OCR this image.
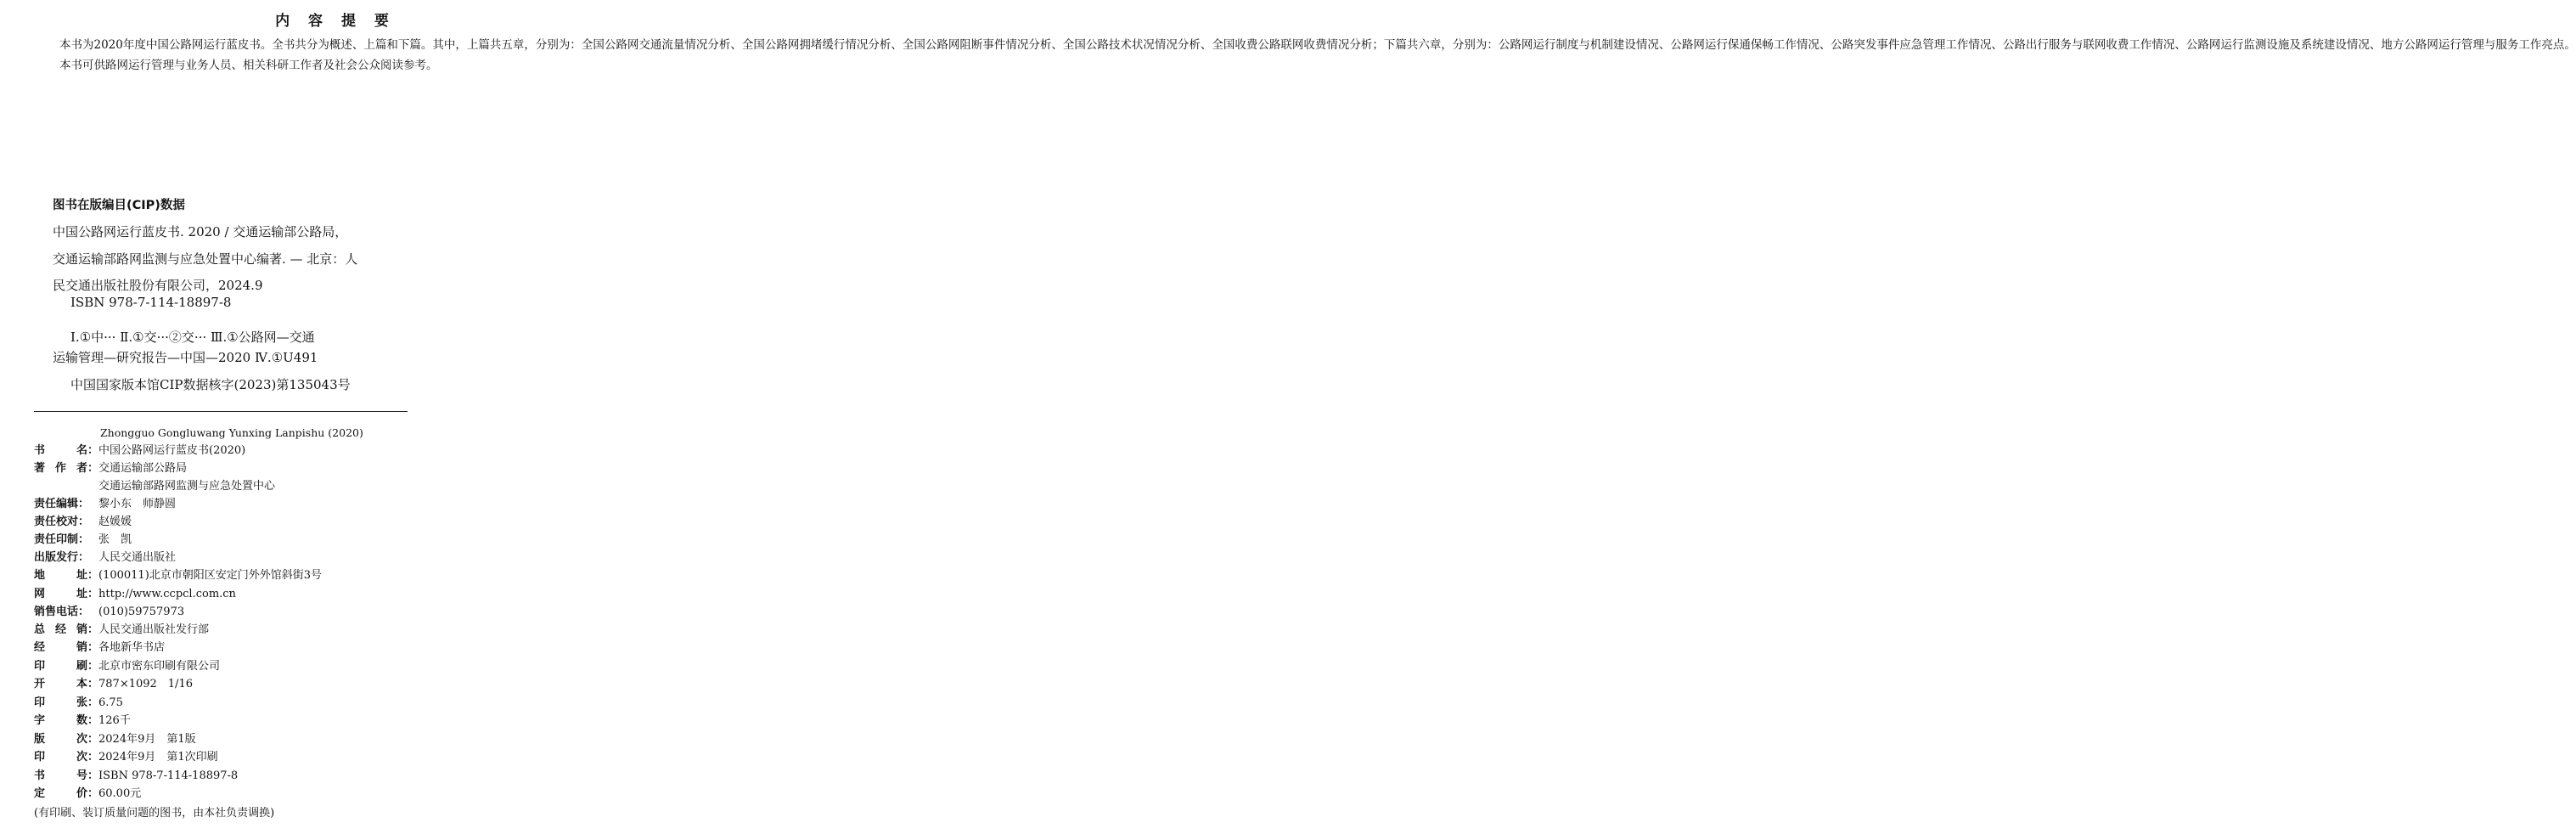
内 容 提 要

本书为2020年度中国公路网运行蓝皮书。全书共分为概述、上篇和下篇。其中，上篇共五章，分别为：全国公路网交通流量情况分析、全国公路网拥堵缓行情况分析、全国公路网阻断事件情况分析、全国公路技术状况情况分析、全国收费公路联网收费情况分析；下篇共六章，分别为：公路网运行制度与机制建设情况、公路网运行保通保畅工作情况、公路突发事件应急管理工作情况、公路出行服务与联网收费工作情况、公路网运行监测设施及系统建设情况、地方公路网运行管理与服务工作亮点。

本书可供路网运行管理与业务人员、相关科研工作者及社会公众阅读参考。

图书在版编目(CIP)数据
中国公路网运行蓝皮书. 2020 / 交通运输部公路局，
交通运输部路网监测与应急处置中心编著. — 北京：人
民交通出版社股份有限公司，2024.9
ISBN 978-7-114-18897-8
Ⅰ.①中··· Ⅱ.①交···②交··· Ⅲ.①公路网—交通
运输管理—研究报告—中国—2020 Ⅳ.①U491
中国国家版本馆CIP数据核字(2023)第135043号
Zhongguo Gongluwang Yunxing Lanpishu (2020)
书	名： 中国公路网运行蓝皮书(2020)
著 作 者： 交通运输部公路局
交通运输部路网监测与应急处置中心
责任编辑： 黎小东　师静圆
责任校对： 赵媛媛
责任印制： 张　凯
出版发行： 人民交通出版社
地	址： (100011)北京市朝阳区安定门外外馆斜街3号
网	址： http://www.ccpcl.com.cn
销售电话： (010)59757973
总 经 销： 人民交通出版社发行部
经	销： 各地新华书店
印	刷： 北京市密东印刷有限公司
开	本： 787×1092　1/16
印	张： 6.75
字	数： 126千
版	次： 2024年9月　第1版
印	次： 2024年9月　第1次印刷
书	号： ISBN 978-7-114-18897-8
定	价： 60.00元
(有印刷、装订质量问题的图书，由本社负责调换)
